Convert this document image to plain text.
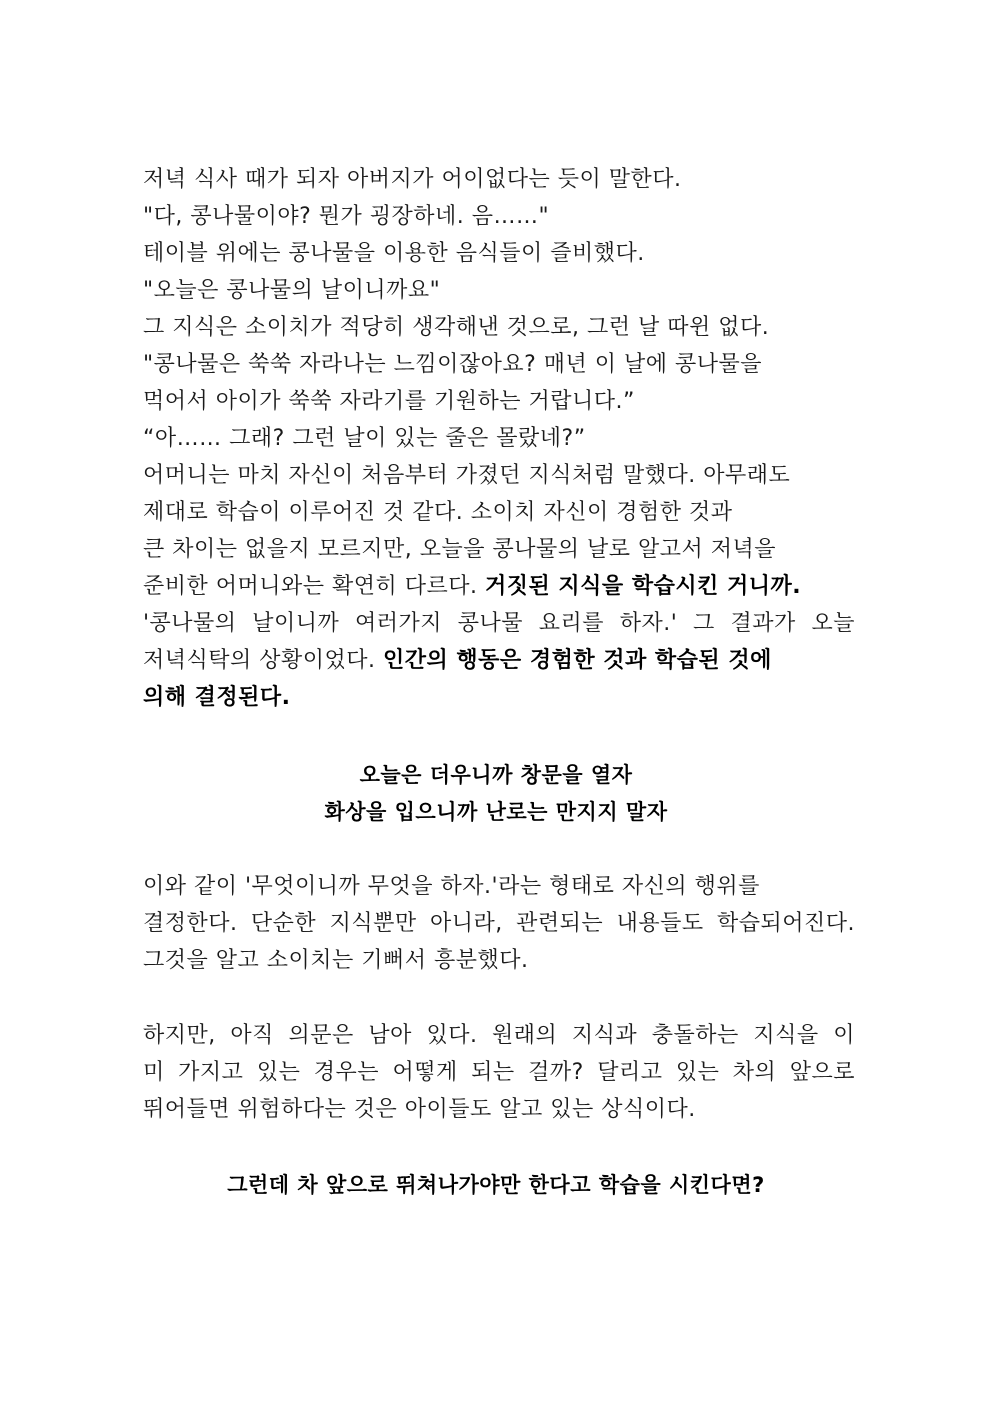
저녁 식사 때가 되자 아버지가 어이없다는 듯이 말한다.
"다, 콩나물이야? 뭔가 굉장하네. 음……"
테이블 위에는 콩나물을 이용한 음식들이 즐비했다.
"오늘은 콩나물의 날이니까요"
그 지식은 소이치가 적당히 생각해낸 것으로, 그런 날 따윈 없다.
"콩나물은 쑥쑥 자라나는 느낌이잖아요? 매년 이 날에 콩나물을
먹어서 아이가 쑥쑥 자라기를 기원하는 거랍니다.”
“아…… 그래? 그런 날이 있는 줄은 몰랐네?”
어머니는 마치 자신이 처음부터 가졌던 지식처럼 말했다. 아무래도
제대로 학습이 이루어진 것 같다. 소이치 자신이 경험한 것과
큰 차이는 없을지 모르지만, 오늘을 콩나물의 날로 알고서 저녁을
준비한 어머니와는 확연히 다르다. 거짓된 지식을 학습시킨 거니까.
'콩나물의 날이니까 여러가지 콩나물 요리를 하자.' 그 결과가 오늘
저녁식탁의 상황이었다. 인간의 행동은 경험한 것과 학습된 것에
의해 결정된다.
오늘은 더우니까 창문을 열자
화상을 입으니까 난로는 만지지 말자
이와 같이 '무엇이니까 무엇을 하자.'라는 형태로 자신의 행위를
결정한다. 단순한 지식뿐만 아니라, 관련되는 내용들도 학습되어진다.
그것을 알고 소이치는 기뻐서 흥분했다.
하지만, 아직 의문은 남아 있다. 원래의 지식과 충돌하는 지식을 이
미 가지고 있는 경우는 어떻게 되는 걸까? 달리고 있는 차의 앞으로
뛰어들면 위험하다는 것은 아이들도 알고 있는 상식이다.
그런데 차 앞으로 뛰쳐나가야만 한다고 학습을 시킨다면?
